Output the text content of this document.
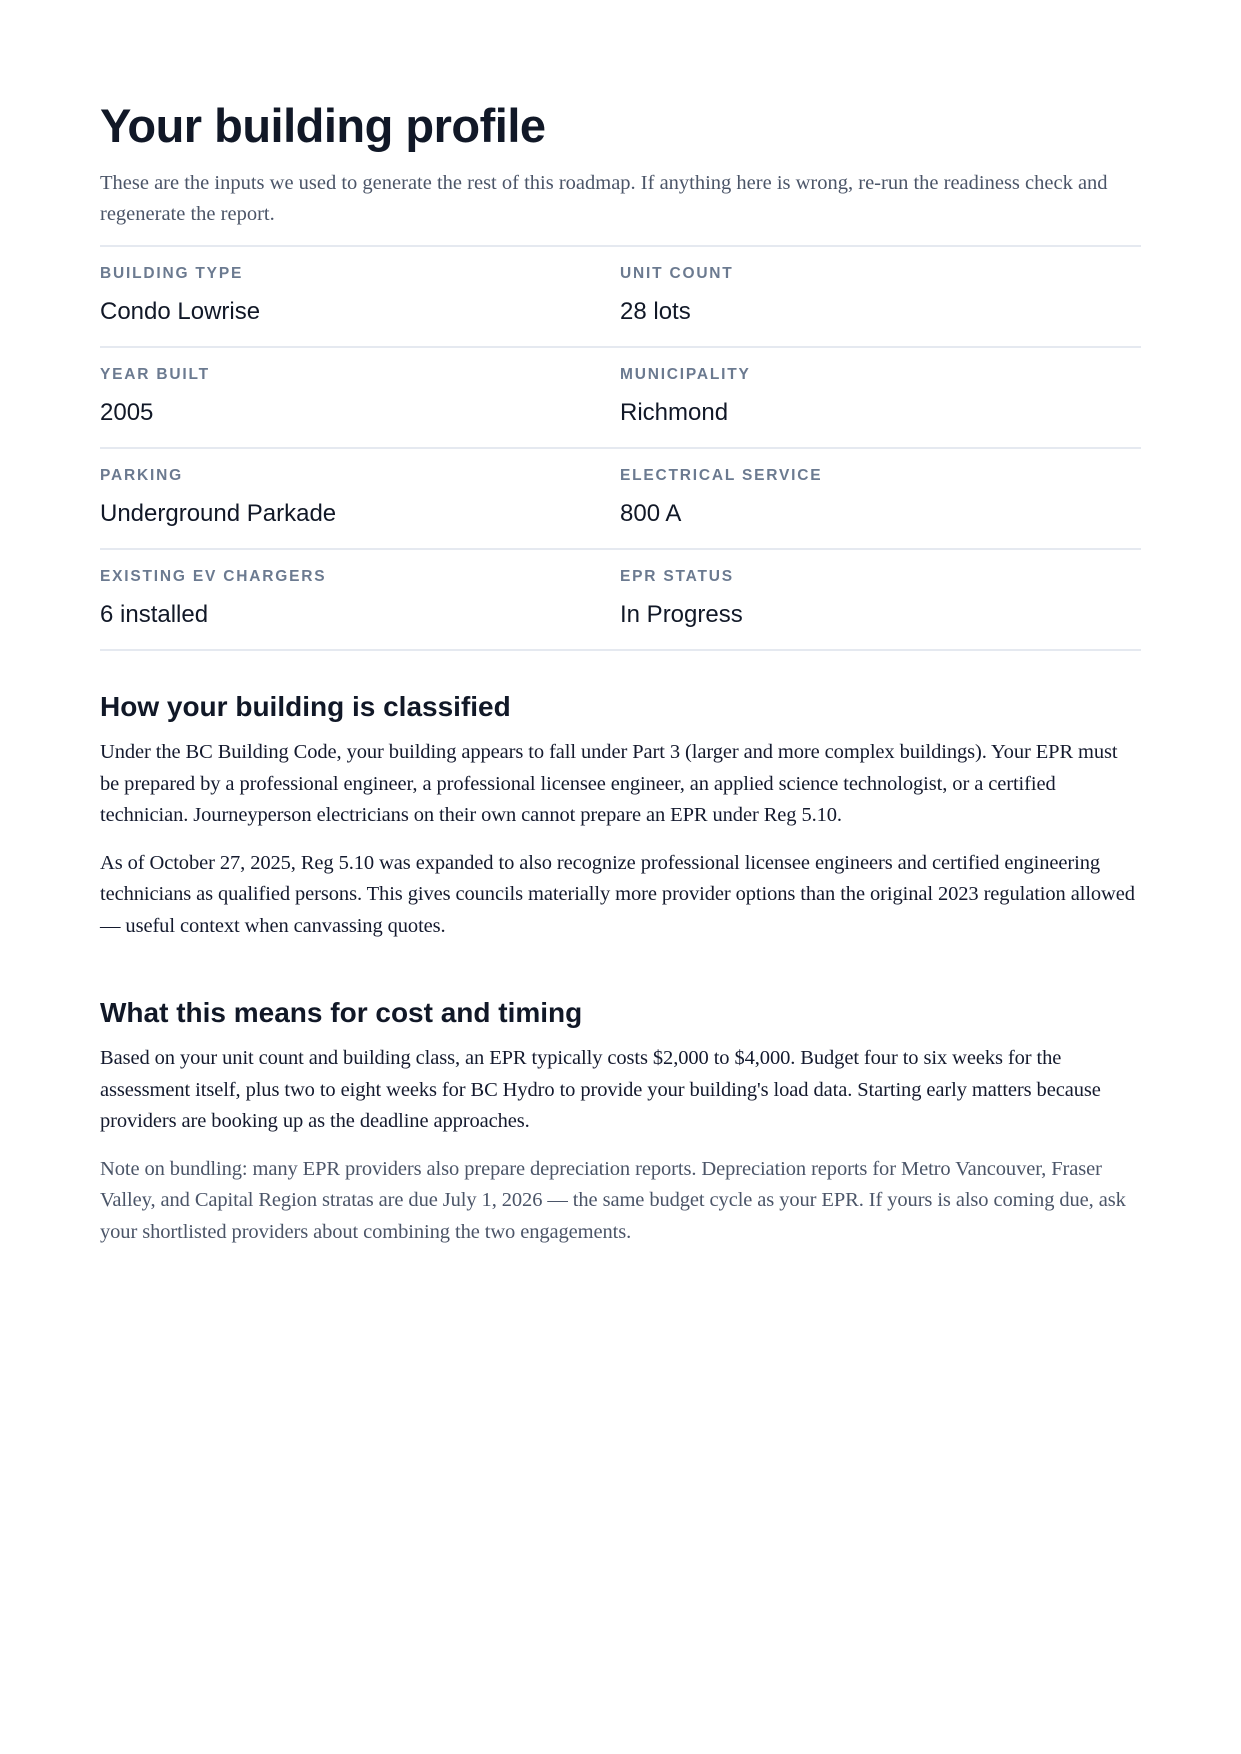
Your building profile

These are the inputs we used to generate the rest of this roadmap. If anything here is wrong, re-run the readiness check and regenerate the report.

BUILDING TYPE
Condo Lowrise
UNIT COUNT
28 lots
YEAR BUILT
2005
MUNICIPALITY
Richmond
PARKING
Underground Parkade
ELECTRICAL SERVICE
800 A
EXISTING EV CHARGERS
6 installed
EPR STATUS
In Progress
How your building is classified

Under the BC Building Code, your building appears to fall under Part 3 (larger and more complex buildings). Your EPR must be prepared by a professional engineer, a professional licensee engineer, an applied science technologist, or a certified technician. Journeyperson electricians on their own cannot prepare an EPR under Reg 5.10.

As of October 27, 2025, Reg 5.10 was expanded to also recognize professional licensee engineers and certified engineering technicians as qualified persons. This gives councils materially more provider options than the original 2023 regulation allowed — useful context when canvassing quotes.

What this means for cost and timing

Based on your unit count and building class, an EPR typically costs $2,000 to $4,000. Budget four to six weeks for the assessment itself, plus two to eight weeks for BC Hydro to provide your building's load data. Starting early matters because providers are booking up as the deadline approaches.

Note on bundling: many EPR providers also prepare depreciation reports. Depreciation reports for Metro Vancouver, Fraser Valley, and Capital Region stratas are due July 1, 2026 — the same budget cycle as your EPR. If yours is also coming due, ask your shortlisted providers about combining the two engagements.
